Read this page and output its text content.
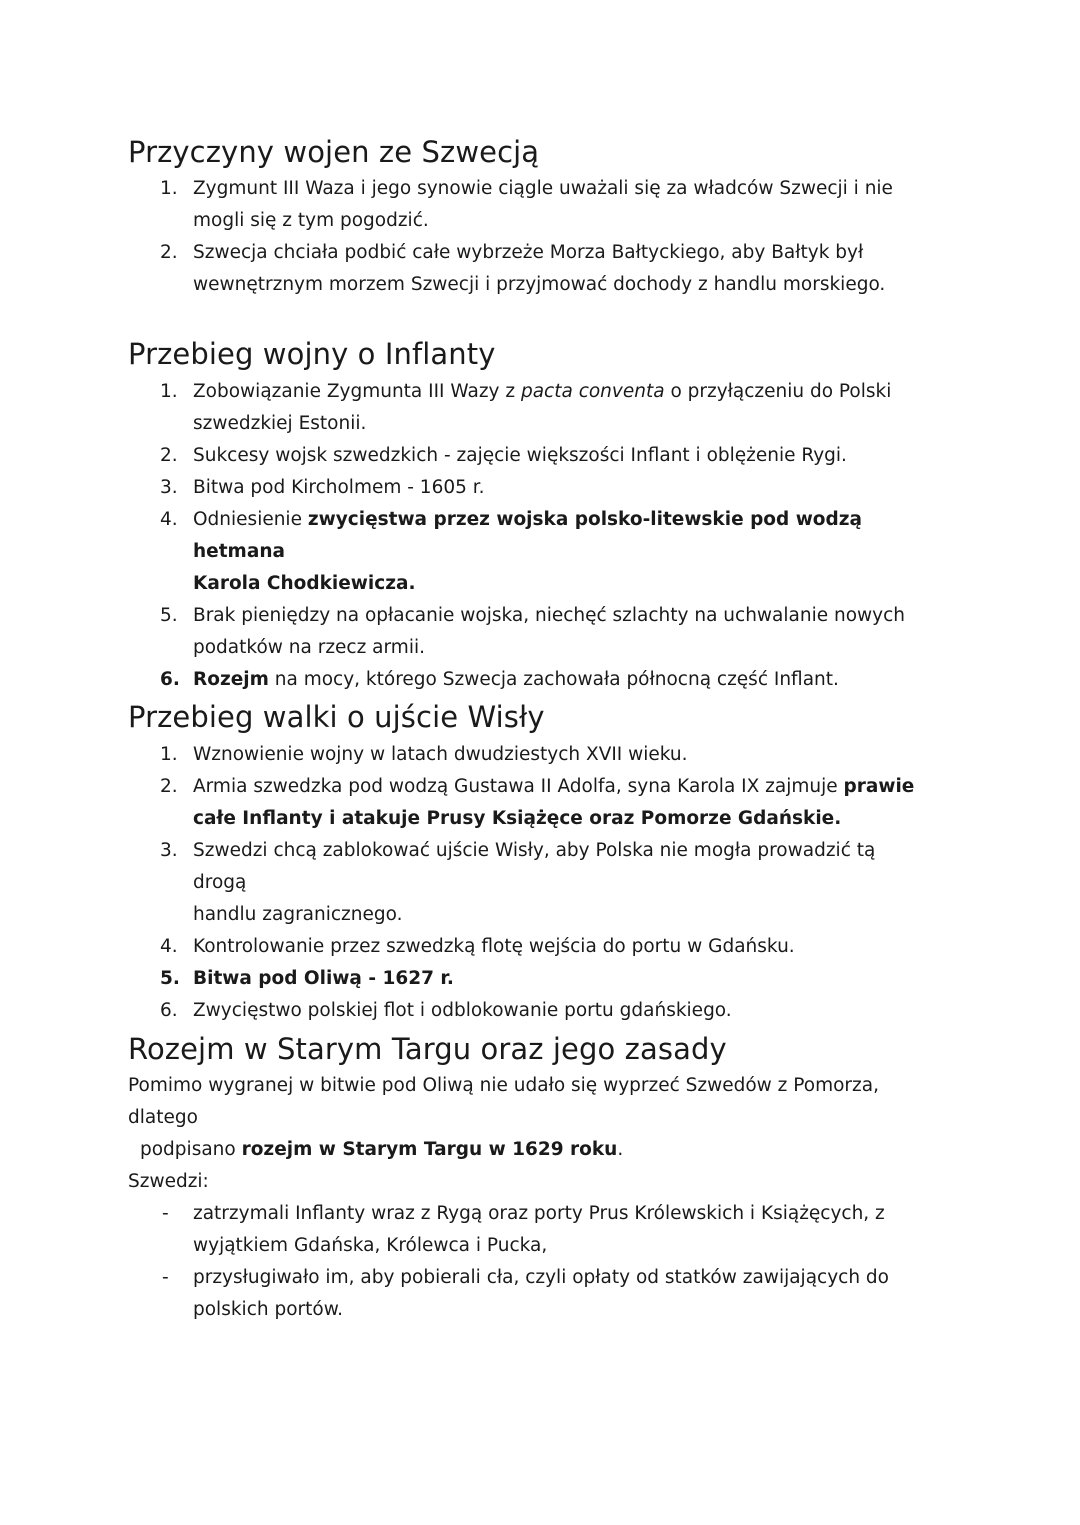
Przyczyny wojen ze Szwecją
1. Zygmunt III Waza i jego synowie ciągle uważali się za władców Szwecji i nie
mogli się z tym pogodzić.
2. Szwecja chciała podbić całe wybrzeże Morza Bałtyckiego, aby Bałtyk był
wewnętrznym morzem Szwecji i przyjmować dochody z handlu morskiego.
Przebieg wojny o Inflanty
1. Zobowiązanie Zygmunta III Wazy z pacta conventa o przyłączeniu do Polski
szwedzkiej Estonii.
2. Sukcesy wojsk szwedzkich - zajęcie większości Inflant i oblężenie Rygi.
3. Bitwa pod Kircholmem - 1605 r.
4. Odniesienie zwycięstwa przez wojska polsko-litewskie pod wodzą hetmana
Karola Chodkiewicza.
5. Brak pieniędzy na opłacanie wojska, niechęć szlachty na uchwalanie nowych
podatków na rzecz armii.
6. Rozejm na mocy, którego Szwecja zachowała północną część Inflant.
Przebieg walki o ujście Wisły
1. Wznowienie wojny w latach dwudziestych XVII wieku.
2. Armia szwedzka pod wodzą Gustawa II Adolfa, syna Karola IX zajmuje prawie
całe Inflanty i atakuje Prusy Książęce oraz Pomorze Gdańskie.
3. Szwedzi chcą zablokować ujście Wisły, aby Polska nie mogła prowadzić tą drogą
handlu zagranicznego.
4. Kontrolowanie przez szwedzką flotę wejścia do portu w Gdańsku.
5. Bitwa pod Oliwą - 1627 r.
6. Zwycięstwo polskiej flot i odblokowanie portu gdańskiego.
Rozejm w Starym Targu oraz jego zasady

Pomimo wygranej w bitwie pod Oliwą nie udało się wyprzeć Szwedów z Pomorza, dlatego
podpisano rozejm w Starym Targu w 1629 roku.

Szwedzi:

-	zatrzymali Inflanty wraz z Rygą oraz porty Prus Królewskich i Książęcych, z
wyjątkiem Gdańska, Królewca i Pucka,
-	przysługiwało im, aby pobierali cła, czyli opłaty od statków zawijających do
polskich portów.
